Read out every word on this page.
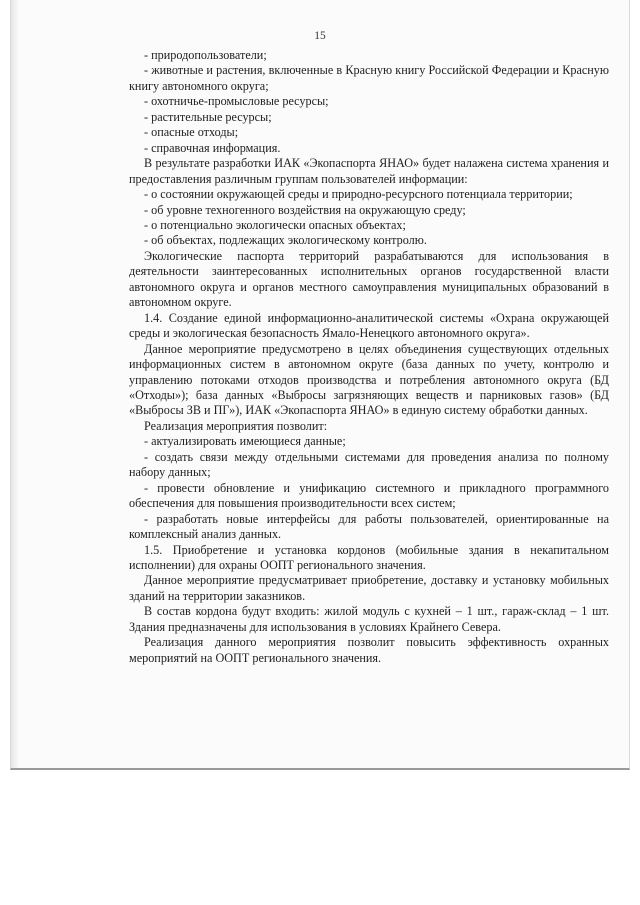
15

- природопользователи;

- животные и растения, включенные в Красную книгу Российской Федерации и Красную книгу автономного округа;

- охотничье-промысловые ресурсы;

- растительные ресурсы;

- опасные отходы;

- справочная информация.

В результате разработки ИАК «Экопаспорта ЯНАО» будет налажена система хранения и предоставления различным группам пользователей информации:

- о состоянии окружающей среды и природно-ресурсного потенциала территории;

- об уровне техногенного воздействия на окружающую среду;

- о потенциально экологически опасных объектах;

- об объектах, подлежащих экологическому контролю.

Экологические паспорта территорий разрабатываются для использования в деятельности заинтересованных исполнительных органов государственной власти автономного округа и органов местного самоуправления муниципальных образований в автономном округе.

1.4. Создание единой информационно-аналитической системы «Охрана окружающей среды и экологическая безопасность Ямало-Ненецкого автономного округа».

Данное мероприятие предусмотрено в целях объединения существующих отдельных информационных систем в автономном округе (база данных по учету, контролю и управлению потоками отходов производства и потребления автономного округа (БД «Отходы»); база данных «Выбросы загрязняющих веществ и парниковых газов» (БД «Выбросы ЗВ и ПГ»), ИАК «Экопаспорта ЯНАО» в единую систему обработки данных.

Реализация мероприятия позволит:

- актуализировать имеющиеся данные;

- создать связи между отдельными системами для проведения анализа по полному набору данных;

- провести обновление и унификацию системного и прикладного программного обеспечения для повышения производительности всех систем;

- разработать новые интерфейсы для работы пользователей, ориентированные на комплексный анализ данных.

1.5. Приобретение и установка кордонов (мобильные здания в некапитальном исполнении) для охраны ООПТ регионального значения.

Данное мероприятие предусматривает приобретение, доставку и установку мобильных зданий на территории заказников.

В состав кордона будут входить: жилой модуль с кухней – 1 шт., гараж-склад – 1 шт. Здания предназначены для использования в условиях Крайнего Севера.

Реализация данного мероприятия позволит повысить эффективность охранных мероприятий на ООПТ регионального значения.
